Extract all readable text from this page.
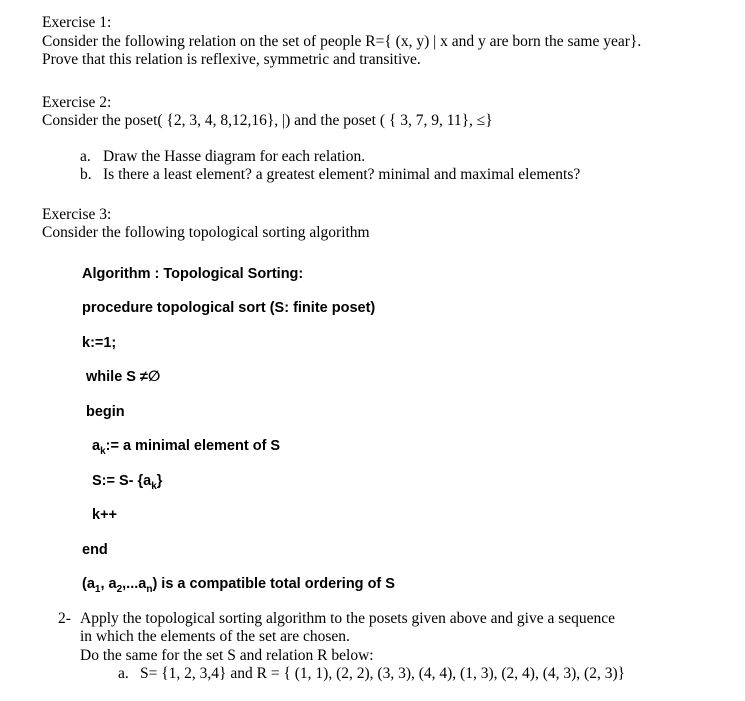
Exercise 1:
Consider the following relation on the set of people R={ (x, y) | x and y are born the same year}.
Prove that this relation is reflexive, symmetric and transitive.
Exercise 2:
Consider the poset( {2, 3, 4, 8,12,16}, |) and the poset ( { 3, 7, 9, 11}, ≤}
a. Draw the Hasse diagram for each relation.
b. Is there a least element? a greatest element? minimal and maximal elements?
Exercise 3:
Consider the following topological sorting algorithm
Algorithm : Topological Sorting:
procedure topological sort (S: finite poset)
k:=1;
while S ≠∅
begin
$a_k:= a$ minimal element of S
S:= S- $\{a_k\}$
k++
end
($a_1$, $a_2,...a_n$) is a compatible total ordering of S
2- Apply the topological sorting algorithm to the posets given above and give a sequence
in which the elements of the set are chosen.
Do the same for the set S and relation R below:
a. S= {1, 2, 3,4} and R = { (1, 1), (2, 2), (3, 3), (4, 4), (1, 3), (2, 4), (4, 3), (2, 3)}
